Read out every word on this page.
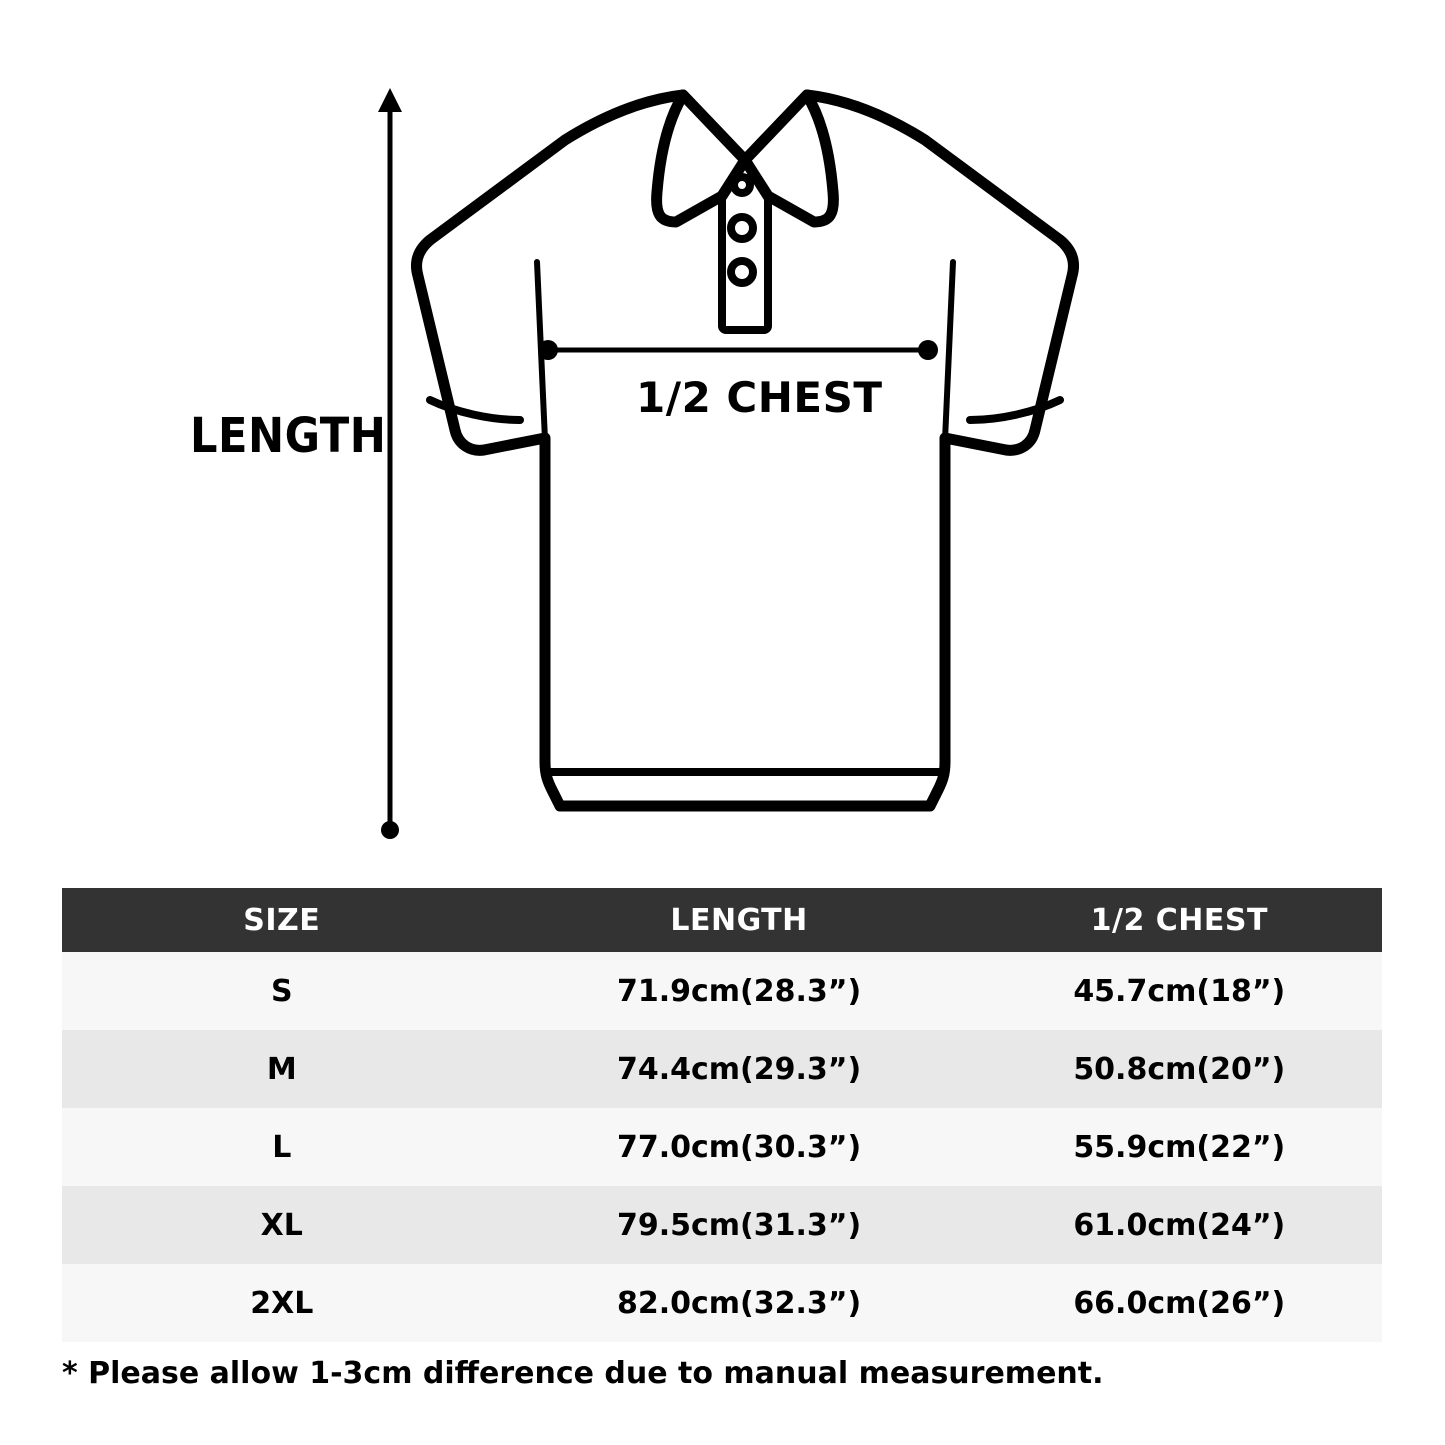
LENGTH
1/2 CHEST
SIZE	LENGTH	1/2 CHEST
S	71.9cm(28.3”)	45.7cm(18”)
M	74.4cm(29.3”)	50.8cm(20”)
L	77.0cm(30.3”)	55.9cm(22”)
XL	79.5cm(31.3”)	61.0cm(24”)
2XL	82.0cm(32.3”)	66.0cm(26”)
* Please allow 1-3cm difference due to manual measurement.
